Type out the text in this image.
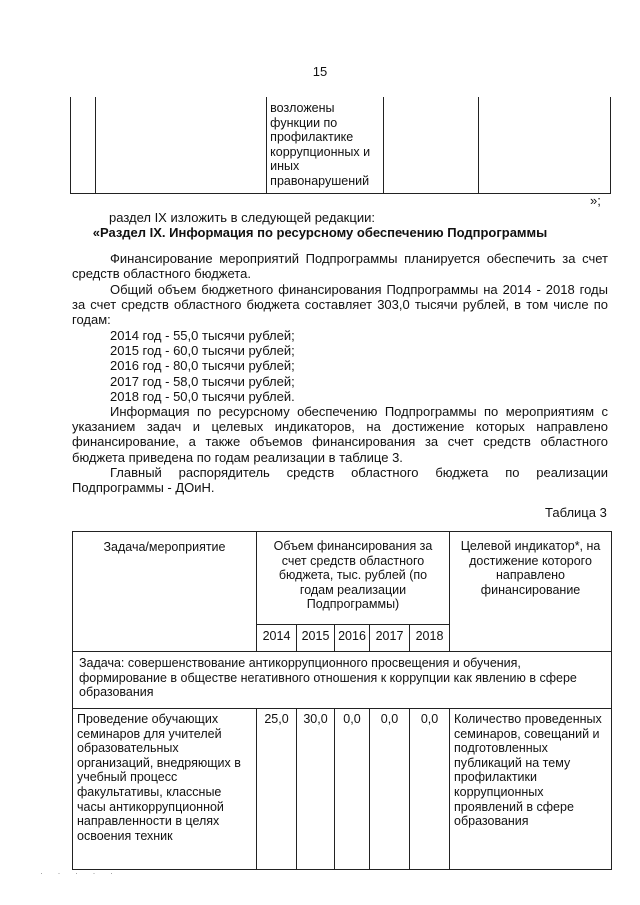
15
		возложены функции по профилактике коррупционных и иных правонарушений		
»;
раздел IX изложить в следующей редакции:
«Раздел IX. Информация по ресурсному обеспечению Подпрограммы
Финансирование мероприятий Подпрограммы планируется обеспечить за счет
средств областного бюджета.
Общий объем бюджетного финансирования Подпрограммы на 2014 - 2018 годы
за счет средств областного бюджета составляет 303,0 тысячи рублей, в том числе по
годам:
2014 год - 55,0 тысячи рублей;
2015 год - 60,0 тысячи рублей;
2016 год - 80,0 тысячи рублей;
2017 год - 58,0 тысячи рублей;
2018 год - 50,0 тысячи рублей.
Информация по ресурсному обеспечению Подпрограммы по мероприятиям с
указанием задач и целевых индикаторов, на достижение которых направлено
финансирование, а также объемов финансирования за счет средств областного
бюджета приведена по годам реализации в таблице 3.
Главный распорядитель средств областного бюджета по реализации
Подпрограммы - ДОиН.
Таблица 3
Задача/мероприятие	Объем финансирования за счет средств областного бюджета, тыс. рублей (по годам реализации Подпрограммы)					Целевой индикатор*, на достижение которого направлено финансирование
	2014	2015	2016	2017	2018	
Задача: совершенствование антикоррупционного просвещения и обучения, формирование в обществе негативного отношения к коррупции как явлению в сфере образования						
Проведение обучающих семинаров для учителей образовательных организаций, внедряющих в учебный процесс факультативы, классные часы антикоррупционной направленности в целях освоения техник	25,0	30,0	0,0	0,0	0,0	Количество проведенных семинаров, совещаний и подготовленных публикаций на тему профилактики коррупционных проявлений в сфере образования
· · · · ·
